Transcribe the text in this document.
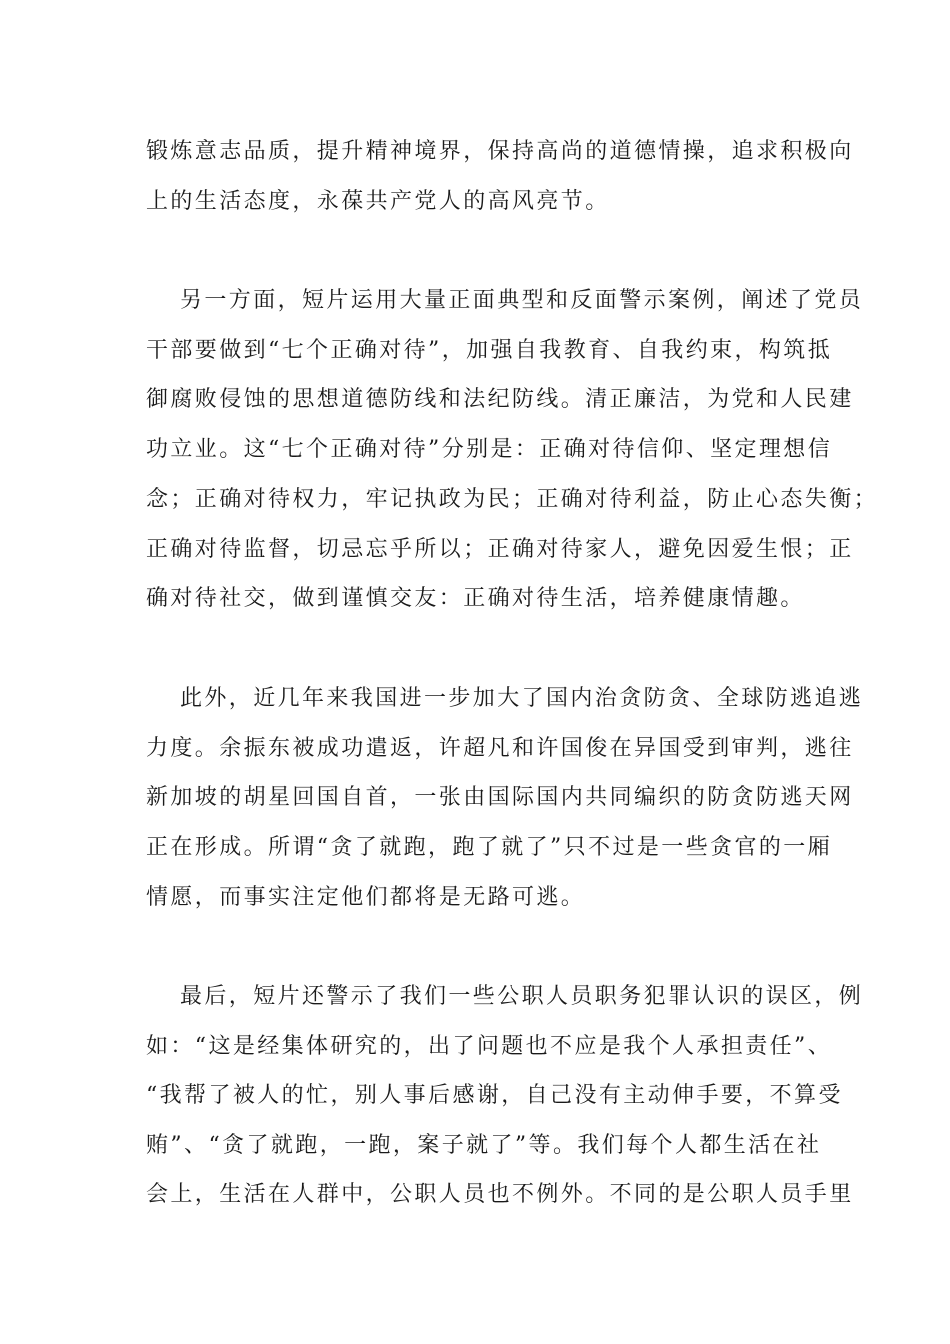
锻炼意志品质，提升精神境界，保持高尚的道德情操，追求积极向
上的生活态度，永葆共产党人的高风亮节。
另一方面，短片运用大量正面典型和反面警示案例，阐述了党员
干部要做到“七个正确对待”，加强自我教育、自我约束，构筑抵
御腐败侵蚀的思想道德防线和法纪防线。清正廉洁，为党和人民建
功立业。这“七个正确对待”分别是：正确对待信仰、坚定理想信
念；正确对待权力，牢记执政为民；正确对待利益，防止心态失衡；
正确对待监督，切忌忘乎所以；正确对待家人，避免因爱生恨；正
确对待社交，做到谨慎交友：正确对待生活，培养健康情趣。
此外，近几年来我国进一步加大了国内治贪防贪、全球防逃追逃
力度。余振东被成功遣返，许超凡和许国俊在异国受到审判，逃往
新加坡的胡星回国自首，一张由国际国内共同编织的防贪防逃天网
正在形成。所谓“贪了就跑，跑了就了”只不过是一些贪官的一厢
情愿，而事实注定他们都将是无路可逃。
最后，短片还警示了我们一些公职人员职务犯罪认识的误区，例
如：“这是经集体研究的，出了问题也不应是我个人承担责任”、
“我帮了被人的忙，别人事后感谢，自己没有主动伸手要，不算受
贿”、“贪了就跑，一跑，案子就了”等。我们每个人都生活在社
会上，生活在人群中，公职人员也不例外。不同的是公职人员手里
